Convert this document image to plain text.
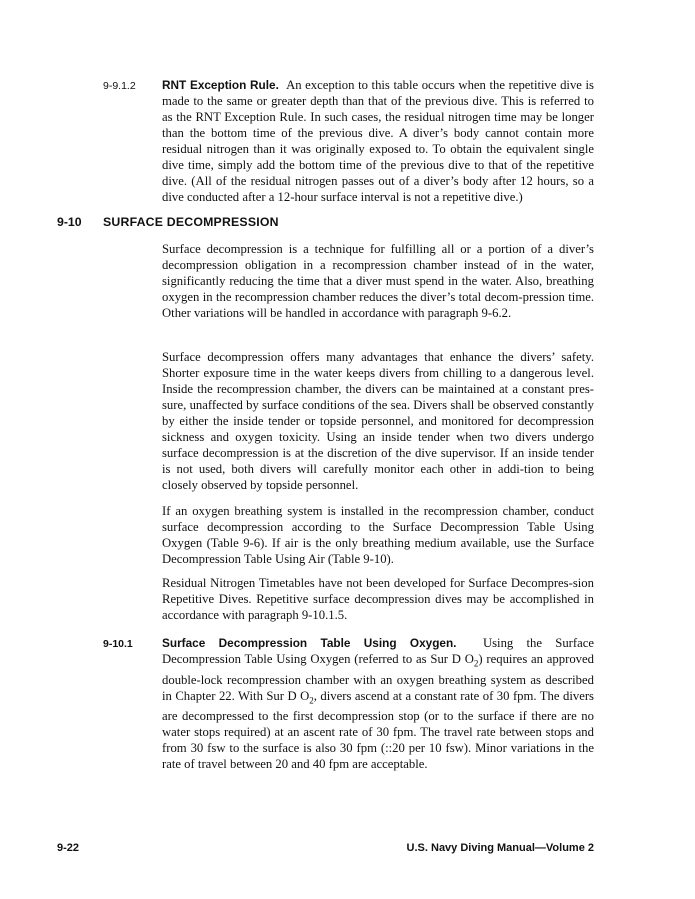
9-9.1.2 RNT Exception Rule. An exception to this table occurs when the repetitive dive is made to the same or greater depth than that of the previous dive. This is referred to as the RNT Exception Rule. In such cases, the residual nitrogen time may be longer than the bottom time of the previous dive. A diver’s body cannot contain more residual nitrogen than it was originally exposed to. To obtain the equivalent single dive time, simply add the bottom time of the previous dive to that of the repetitive dive. (All of the residual nitrogen passes out of a diver’s body after 12 hours, so a dive conducted after a 12-hour surface interval is not a repetitive dive.)

9-10 SURFACE DECOMPRESSION

Surface decompression is a technique for fulfilling all or a portion of a diver’s decompression obligation in a recompression chamber instead of in the water, significantly reducing the time that a diver must spend in the water. Also, breathing oxygen in the recompression chamber reduces the diver’s total decom-pression time. Other variations will be handled in accordance with paragraph 9-6.2.

Surface decompression offers many advantages that enhance the divers’ safety. Shorter exposure time in the water keeps divers from chilling to a dangerous level. Inside the recompression chamber, the divers can be maintained at a constant pres-sure, unaffected by surface conditions of the sea. Divers shall be observed constantly by either the inside tender or topside personnel, and monitored for decompression sickness and oxygen toxicity. Using an inside tender when two divers undergo surface decompression is at the discretion of the dive supervisor. If an inside tender is not used, both divers will carefully monitor each other in addi-tion to being closely observed by topside personnel.

If an oxygen breathing system is installed in the recompression chamber, conduct surface decompression according to the Surface Decompression Table Using Oxygen (Table 9-6). If air is the only breathing medium available, use the Surface Decompression Table Using Air (Table 9-10).

Residual Nitrogen Timetables have not been developed for Surface Decompres-sion Repetitive Dives. Repetitive surface decompression dives may be accomplished in accordance with paragraph 9-10.1.5.

9-10.1 Surface Decompression Table Using Oxygen. Using the Surface Decompression Table Using Oxygen (referred to as Sur D $O_2$) requires an approved double-lock recompression chamber with an oxygen breathing system as described in Chapter 22. With Sur D $O_2$, divers ascend at a constant rate of 30 fpm. The divers are decompressed to the first decompression stop (or to the surface if there are no water stops required) at an ascent rate of 30 fpm. The travel rate between stops and from 30 fsw to the surface is also 30 fpm (::20 per 10 fsw). Minor variations in the rate of travel between 20 and 40 fpm are acceptable.

9-22	U.S. Navy Diving Manual—Volume 2
